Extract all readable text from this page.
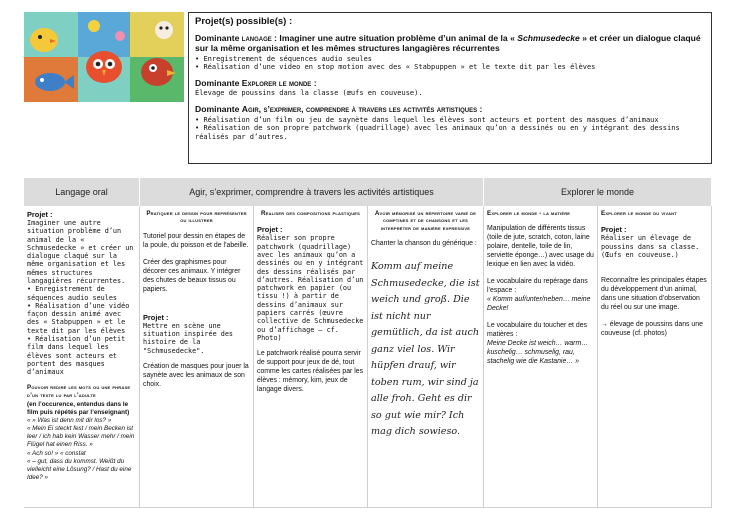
Projet(s) possible(s) :
Dominante langage : Imaginer une autre situation problème d’un animal de la « Schmusedecke » et créer un dialogue claqué sur la même organisation et les mêmes structures langagières récurrentes
• Enregistrement de séquences audio seules
• Réalisation d’une video en stop motion avec des « Stabpuppen » et le texte dit par les élèves
Dominante Explorer le monde :

Élevage de poussins dans la classe (œufs en couveuse).

Dominante Agir, s’exprimer, comprendre à travers les activités artistiques :
• Réalisation d’un film ou jeu de saynète dans lequel les élèves sont acteurs et portent des masques d’animaux
• Réalisation de son propre patchwork (quadrillage) avec les animaux qu’on a dessinés ou en y intégrant des dessins réalisés par d’autres.
Langage oral	Agir, s’exprimer, comprendre à travers les activités artistiques	Explorer le monde
Projet :
Imaginer une autre situation problème d’un animal de la « Schmusedecke » et créer un dialogue claqué sur la même organisation et les mêmes structures langagières récurrentes.
• Enregistrement de séquences audio seules
• Réalisation d’une vidéo façon dessin animé avec des « Stabpuppen » et le texte dit par les élèves
• Réalisation d’un petit film dans lequel les élèves sont acteurs et portent des masques d’animaux
Pouvoir redire les mots ou une phrase d’un texte lu par l’adulte
(en l’occurence, entendus dans le film puis répétés par l’enseignant)
« » Was ist denn mit dir los? »
« Mein Ei steckt fest / mein Becken ist leer / ich hab kein Wasser mehr / mein Flügel hat einen Riss. »
« Ach so! » « constat
« – gut, dass du kommst. Weißt du vielleicht eine Lösung? / Hast du eine Idee? »
Pratiquer le dessin pour représenter ou illustrer
Tutoriel pour dessin en étapes de la poule, du poisson et de l’abeille.
Créer des graphismes pour décorer ces animaux. Y intégrer des chutes de beaux tissus ou papiers.
Projet :
Mettre en scène une situation inspirée des histoire de la "Schmusedecke".
Création de masques pour jouer la saynète avec les animaux de son choix.
Réaliser des compositions plastiques
Projet :
Réaliser son propre patchwork (quadrillage) avec les animaux qu’on a dessinés ou en y intégrant des dessins réalisés par d’autres. Réalisation d’un patchwork en papier (ou tissu !) à partir de dessins d’animaux sur papiers carrés (œuvre collective de Schmusedecke ou d’affichage – cf. Photo)
Le patchwork réalisé pourra servir de support pour jeux de dé, tout comme les cartes réalisées par les élèves : mémory, kim, jeux de langage divers.
Avoir mémorisé un répertoire varié de comptines et de chansons et les interpréter de manière expressive
Chanter la chanson du générique :
Komm auf meine Schmusedecke, die ist weich und groß. Die ist nicht nur gemütlich, da ist auch ganz viel los. Wir hüpfen drauf, wir toben rum, wir sind ja alle froh. Geht es dir so gut wie mir? Ich mag dich sowieso.
Explorer le monde - la matière
Manipulation de différents tissus (toile de jute, scratch, coton, laine polaire, dentelle, toile de lin, serviette éponge…) avec usage du lexique en lien avec la vidéo.
Le vocabulaire du repérage dans l’espace :
« Komm auf/unter/neben… meine Decke!
Le vocabulaire du toucher et des matières :
Meine Decke ist weich… warm… kuschelig… schmuselig, rau, stachelig wie die Kastanie… »
Explorer le monde du vivant
Projet :
Réaliser un élevage de poussins dans sa classe. (Œufs en couveuse.)
Reconnaître les principales étapes du développement d’un animal, dans une situation d’observation du réel ou sur une image.
→ élevage de poussins dans une couveuse (cf. photos)
